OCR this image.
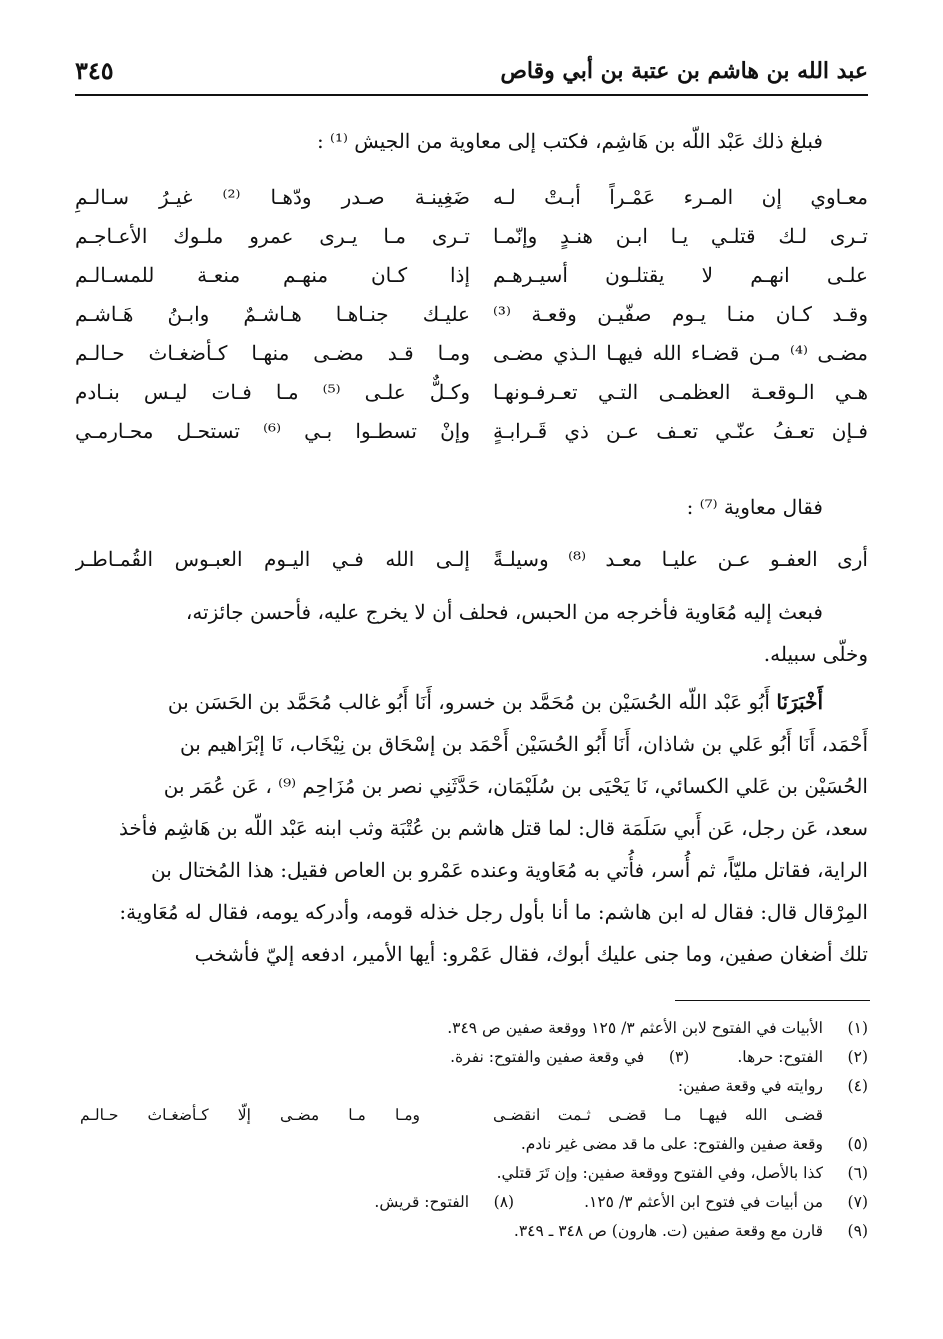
عبد الله بن هاشم بن عتبة بن أبي وقاص
٣٤٥
فبلغ ذلك عَبْد اللّه بن هَاشِم، فكتب إلى معاوية من الجيش ⁽¹⁾ :
معـاوي إن المـرء عَمْـراً أبـتْ لـه
ضَغِينـة صـدر ودّهـا ⁽²⁾ غيـرُ سـالـمِ
تـرى لـك قتلـي يـا ابـن هنـدٍ وإنّمـا
تـرى مـا يـرى عمرو ملـوك الأعـاجـم
علـى انهـم لا يقتلـون أسيـرهـم
إذا كـان منهـم منعـة للمسـالـم
وقـد كـان منـا يـوم صفّيـن وقعـة ⁽³⁾
عليـك جنـاهـا هـاشـمٌ وابـنُ هَـاشـم
مضـى ⁽⁴⁾ مـن قضـاء الله فيهـا الـذي مضـى
ومـا قـد مضـى منهـا كـأضغـاث حـالـم
هـي الـوقعـة العظمـى التـي تعـرفـونهـا
وكـلٌّ علـى ⁽⁵⁾ مـا فـات ليـس بنـادم
فـإن تعـفُ عنّـي تعـف عـن ذي قَـرابـةٍ
وإنْ تسطـوا بـي ⁽⁶⁾ تستحـل محـارمـي
فقال معاوية ⁽⁷⁾ :
أرى العفـو عـن عليـا معـد ⁽⁸⁾ وسيلـةً
إلـى الله فـي اليـوم العبـوس القُمـاطـر
فبعث إليه مُعَاوية فأخرجه من الحبس، فحلف أن لا يخرج عليه، فأحسن جائزته،
وخلّى سبيله.
أَخْبَرَنَا أَبُو عَبْد اللّه الحُسَيْن بن مُحَمَّد بن خسرو، أَنَا أَبُو غالب مُحَمَّد بن الحَسَن بن
أَحْمَد، أَنَا أَبُو عَلي بن شاذان، أَنَا أَبُو الحُسَيْن أَحْمَد بن إسْحَاق بن نِيْخَاب، نَا إبْرَاهيم بن
الحُسَيْن بن عَلي الكسائي، نَا يَحْيَى بن سُلَيْمَان، حَدَّثَنِي نصر بن مُزَاحِم ⁽⁹⁾ ، عَن عُمَر بن
سعد، عَن رجل، عَن أَبي سَلَمَة قال: لما قتل هاشم بن عُتْبَة وثب ابنه عَبْد اللّه بن هَاشِم فأخذ
الراية، فقاتل مليّاً، ثم أُسر، فأُتي به مُعَاوية وعنده عَمْرو بن العاص فقيل: هذا المُختال بن
المِرْقال قال: فقال له ابن هاشم: ما أنا بأول رجل خذله قومه، وأدركه يومه، فقال له مُعَاوية:
تلك أضغان صفين، وما جنى عليك أبوك، فقال عَمْرو: أيها الأمير، ادفعه إليّ فأشخب
(١)الأبيات في الفتوح لابن الأعثم ٣/ ١٢٥ ووقعة صفين ص ٣٤٩.
(٢)الفتوح: حرها.(٣)في وقعة صفين والفتوح: نفرة.
(٤)روايته في وقعة صفين:
قضـى الله فيهـا مـا قضـى ثـمت انقضـى
ومـا مـا مضـى إلّا كـأضغـاث حـالـم
(٥)وقعة صفين والفتوح: على ما قد مضى غير نادم.
(٦)كذا بالأصل، وفي الفتوح ووقعة صفين: وإن تَرَ قتلي.
(٧)من أبيات في فتوح ابن الأعثم ٣/ ١٢٥.(٨)الفتوح: قريش.
(٩)قارن مع وقعة صفين (ت. هارون) ص ٣٤٨ ـ ٣٤٩.
